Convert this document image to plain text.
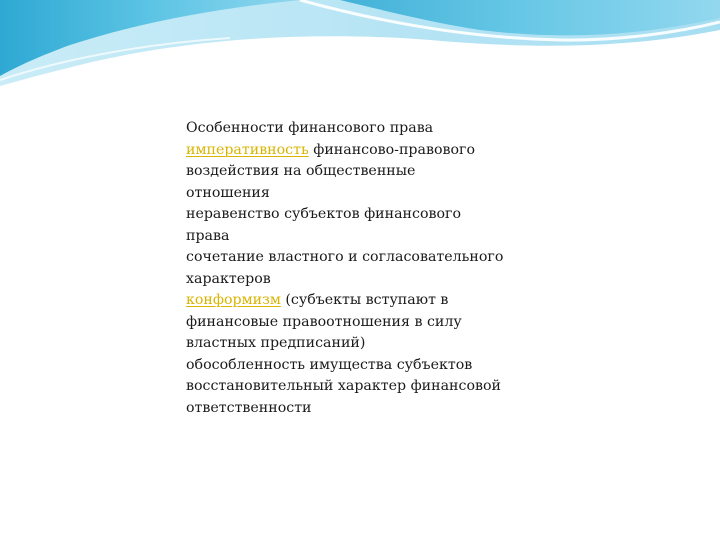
Особенности финансового права
императивность финансово-правового
воздействия на общественные
отношения
неравенство субъектов финансового
права
сочетание властного и согласовательного
характеров
конформизм (субъекты вступают в
финансовые правоотношения в силу
властных предписаний)
обособленность имущества субъектов
восстановительный характер финансовой
ответственности
